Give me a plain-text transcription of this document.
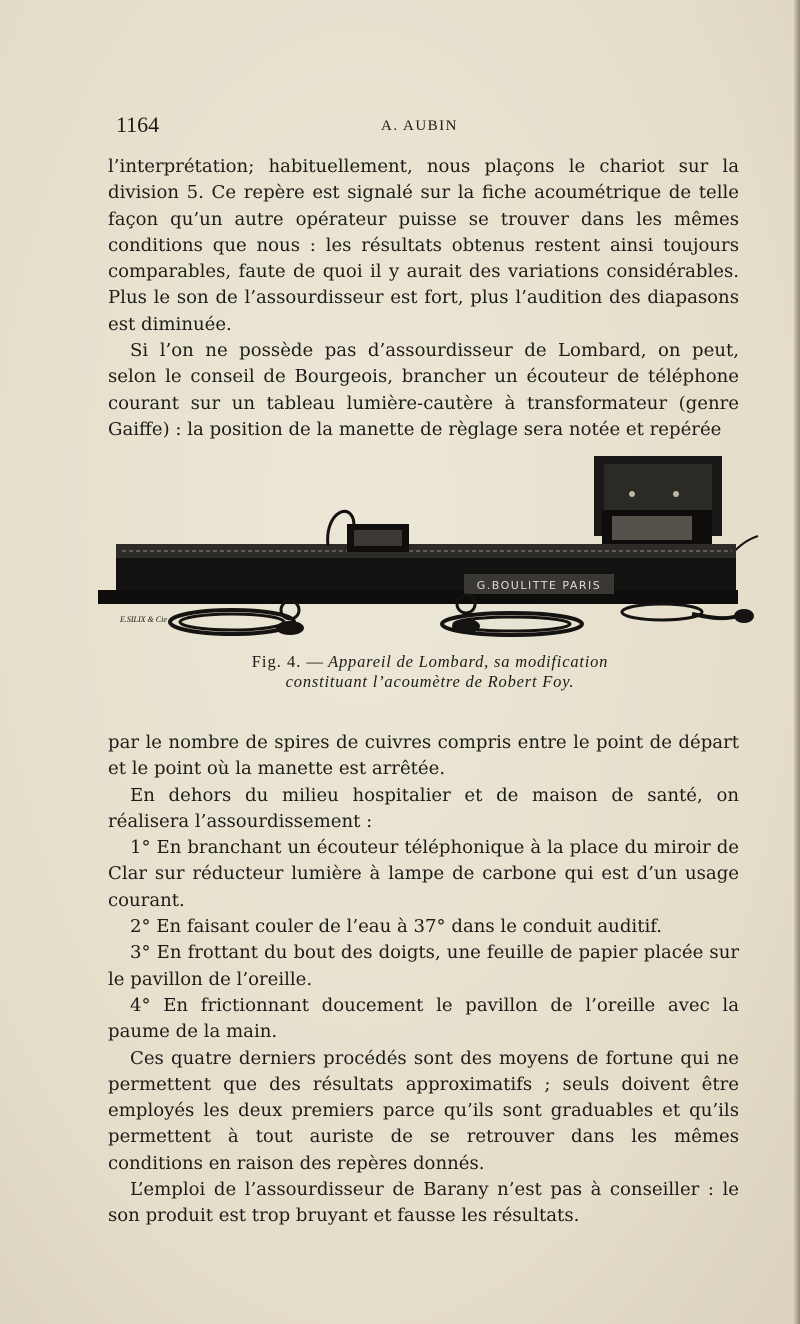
1164	A. AUBIN

l’interprétation; habituellement, nous plaçons le chariot sur la division 5. Ce repère est signalé sur la fiche acoumétrique de telle façon qu’un autre opérateur puisse se trouver dans les mêmes conditions que nous : les résultats obtenus restent ainsi toujours comparables, faute de quoi il y aurait des variations considérables. Plus le son de l’assourdisseur est fort, plus l’audition des diapasons est diminuée.

Si l’on ne possède pas d’assourdisseur de Lombard, on peut, selon le conseil de Bourgeois, brancher un écouteur de téléphone courant sur un tableau lumière-cautère à transformateur (genre Gaiffe) : la position de la manette de règlage sera notée et repérée

G.BOULITTE PARIS
E.SILIX & Cie
Fig. 4. — Appareil de Lombard, sa modification
constituant l’acoumètre de Robert Foy.

par le nombre de spires de cuivres compris entre le point de départ et le point où la manette est arrêtée.

En dehors du milieu hospitalier et de maison de santé, on réalisera l’assourdissement :

1° En branchant un écouteur téléphonique à la place du miroir de Clar sur réducteur lumière à lampe de carbone qui est d’un usage courant.

2° En faisant couler de l’eau à 37° dans le conduit auditif.

3° En frottant du bout des doigts, une feuille de papier placée sur le pavillon de l’oreille.

4° En frictionnant doucement le pavillon de l’oreille avec la paume de la main.

Ces quatre derniers procédés sont des moyens de fortune qui ne permettent que des résultats approximatifs ; seuls doivent être employés les deux premiers parce qu’ils sont graduables et qu’ils permettent à tout auriste de se retrouver dans les mêmes conditions en raison des repères donnés.

L’emploi de l’assourdisseur de Barany n’est pas à conseiller : le son produit est trop bruyant et fausse les résultats.
